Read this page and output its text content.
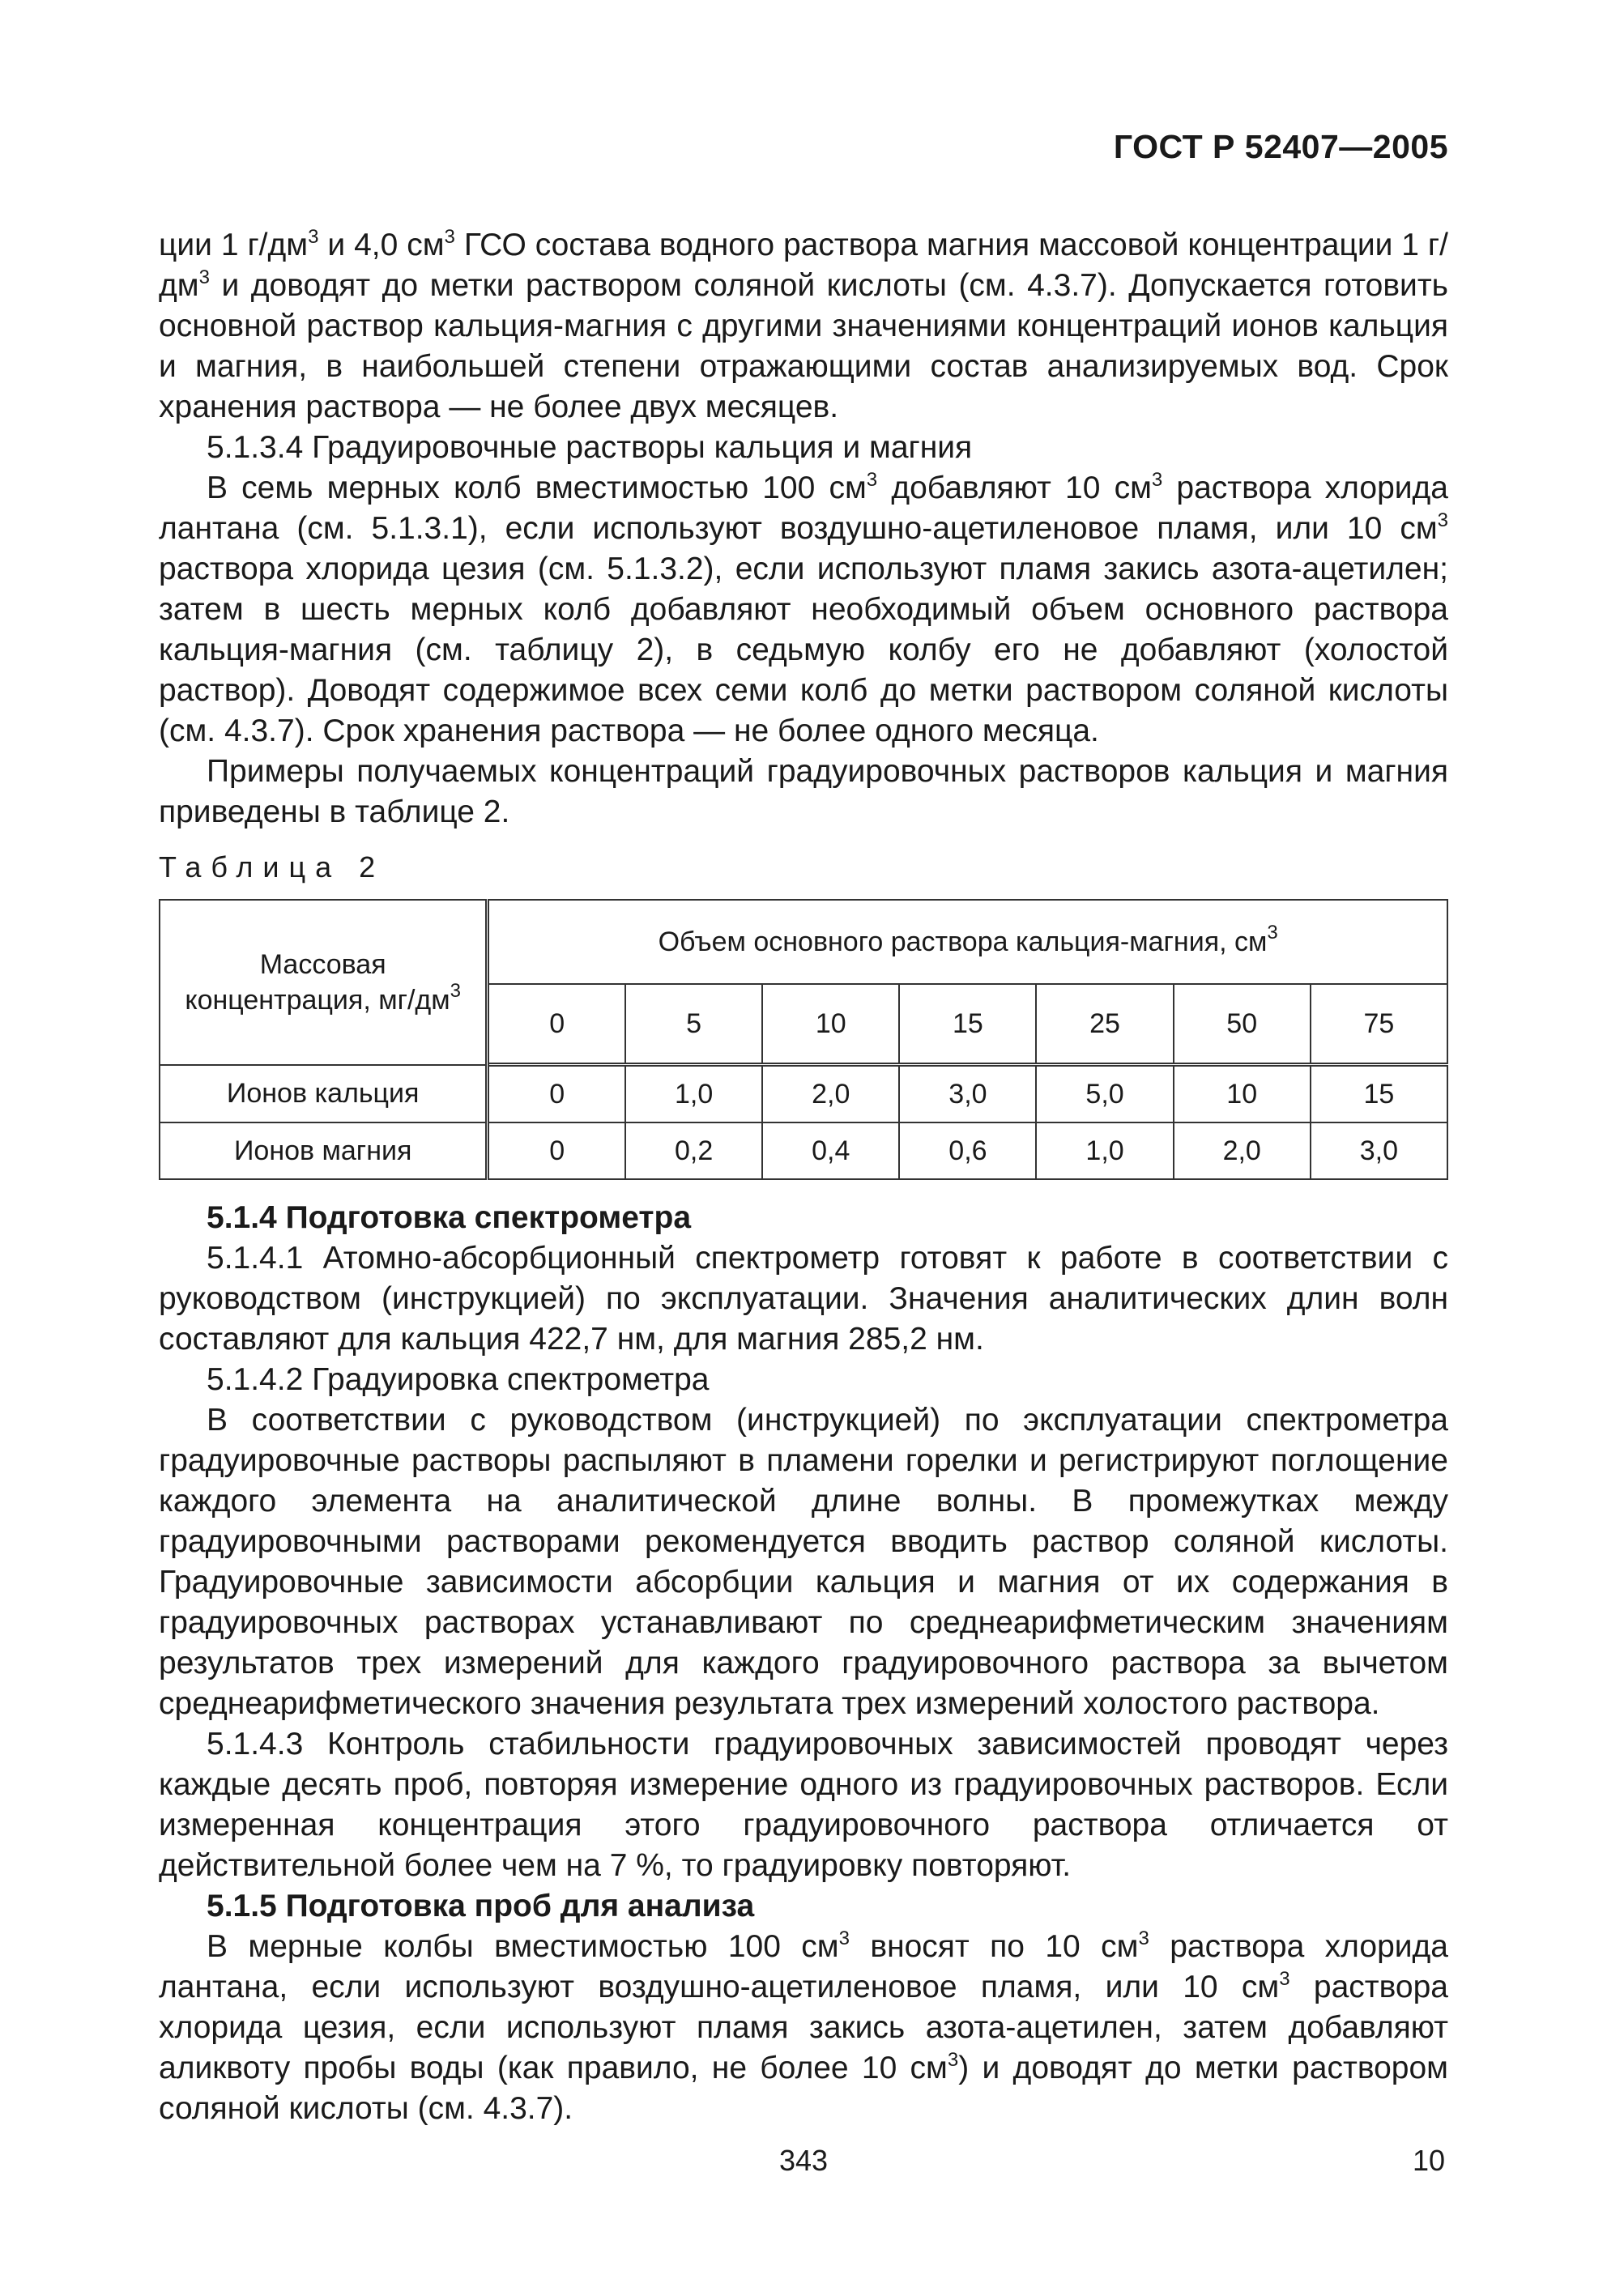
ГОСТ Р 52407—2005

ции 1 $г/дм^3$ и 4,0 $см^3$ ГСО состава водного раствора магния массовой концентрации 1 $г/дм^3$ и доводят до метки раствором соляной кислоты (см. 4.3.7). Допускается готовить основной раствор кальция-магния с другими значениями концентраций ионов кальция и магния, в наибольшей степени отражающими состав анализируемых вод. Срок хранения раствора — не более двух месяцев.

5.1.3.4 Градуировочные растворы кальция и магния

В семь мерных колб вместимостью 100 $см^3$ добавляют 10 $см^3$ раствора хлорида лантана (см. 5.1.3.1), если используют воздушно-ацетиленовое пламя, или 10 $см^3$ раствора хлорида цезия (см. 5.1.3.2), если используют пламя закись азота-ацетилен; затем в шесть мерных колб добавляют необходимый объем основного раствора кальция-магния (см. таблицу 2), в седьмую колбу его не добавляют (холостой раствор). Доводят содержимое всех семи колб до метки раствором соляной кислоты (см. 4.3.7). Срок хранения раствора — не более одного месяца.

Примеры получаемых концентраций градуировочных растворов кальция и магния приведены в таблице 2.

Таблица 2
Массовая
концентрация, $мг/дм^3$	Объем основного раствора кальция-магния, $см^3$
	0	5	10	15	25	50	75
Ионов кальция	0	1,0	2,0	3,0	5,0	10	15
Ионов магния	0	0,2	0,4	0,6	1,0	2,0	3,0

5.1.4 Подготовка спектрометра

5.1.4.1 Атомно-абсорбционный спектрометр готовят к работе в соответствии с руководством (инструкцией) по эксплуатации. Значения аналитических длин волн составляют для кальция 422,7 нм, для магния 285,2 нм.

5.1.4.2 Градуировка спектрометра

В соответствии с руководством (инструкцией) по эксплуатации спектрометра градуировочные растворы распыляют в пламени горелки и регистрируют поглощение каждого элемента на аналитической длине волны. В промежутках между градуировочными растворами рекомендуется вводить раствор соляной кислоты. Градуировочные зависимости абсорбции кальция и магния от их содержания в градуировочных растворах устанавливают по среднеарифметическим значениям результатов трех измерений для каждого градуировочного раствора за вычетом среднеарифметического значения результата трех измерений холостого раствора.

5.1.4.3 Контроль стабильности градуировочных зависимостей проводят через каждые десять проб, повторяя измерение одного из градуировочных растворов. Если измеренная концентрация этого градуировочного раствора отличается от действительной более чем на 7 %, то градуировку повторяют.

5.1.5 Подготовка проб для анализа

В мерные колбы вместимостью 100 $см^3$ вносят по 10 $см^3$ раствора хлорида лантана, если используют воздушно-ацетиленовое пламя, или 10 $см^3$ раствора хлорида цезия, если используют пламя закись азота-ацетилен, затем добавляют аликвоту пробы воды (как правило, не более 10 $см^3$) и доводят до метки раствором соляной кислоты (см. 4.3.7).

343	10
